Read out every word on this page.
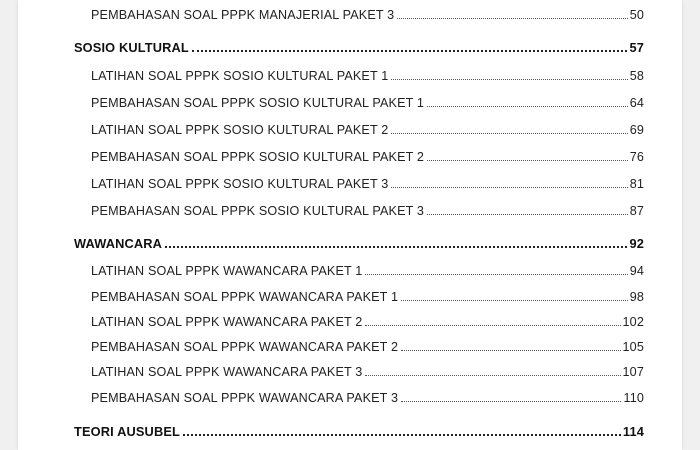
PEMBAHASAN SOAL PPPK MANAJERIAL PAKET 3	50
SOSIO KULTURAL	57
LATIHAN SOAL PPPK SOSIO KULTURAL PAKET 1	58
PEMBAHASAN SOAL PPPK SOSIO KULTURAL PAKET 1	64
LATIHAN SOAL PPPK SOSIO KULTURAL PAKET 2	69
PEMBAHASAN SOAL PPPK SOSIO KULTURAL PAKET 2	76
LATIHAN SOAL PPPK SOSIO KULTURAL PAKET 3	81
PEMBAHASAN SOAL PPPK SOSIO KULTURAL PAKET 3	87
WAWANCARA	92
LATIHAN SOAL PPPK WAWANCARA PAKET 1	94
PEMBAHASAN SOAL PPPK WAWANCARA PAKET 1	98
LATIHAN SOAL PPPK WAWANCARA PAKET 2	102
PEMBAHASAN SOAL PPPK WAWANCARA PAKET 2	105
LATIHAN SOAL PPPK WAWANCARA PAKET 3	107
PEMBAHASAN SOAL PPPK WAWANCARA PAKET 3	110
TEORI AUSUBEL	114
